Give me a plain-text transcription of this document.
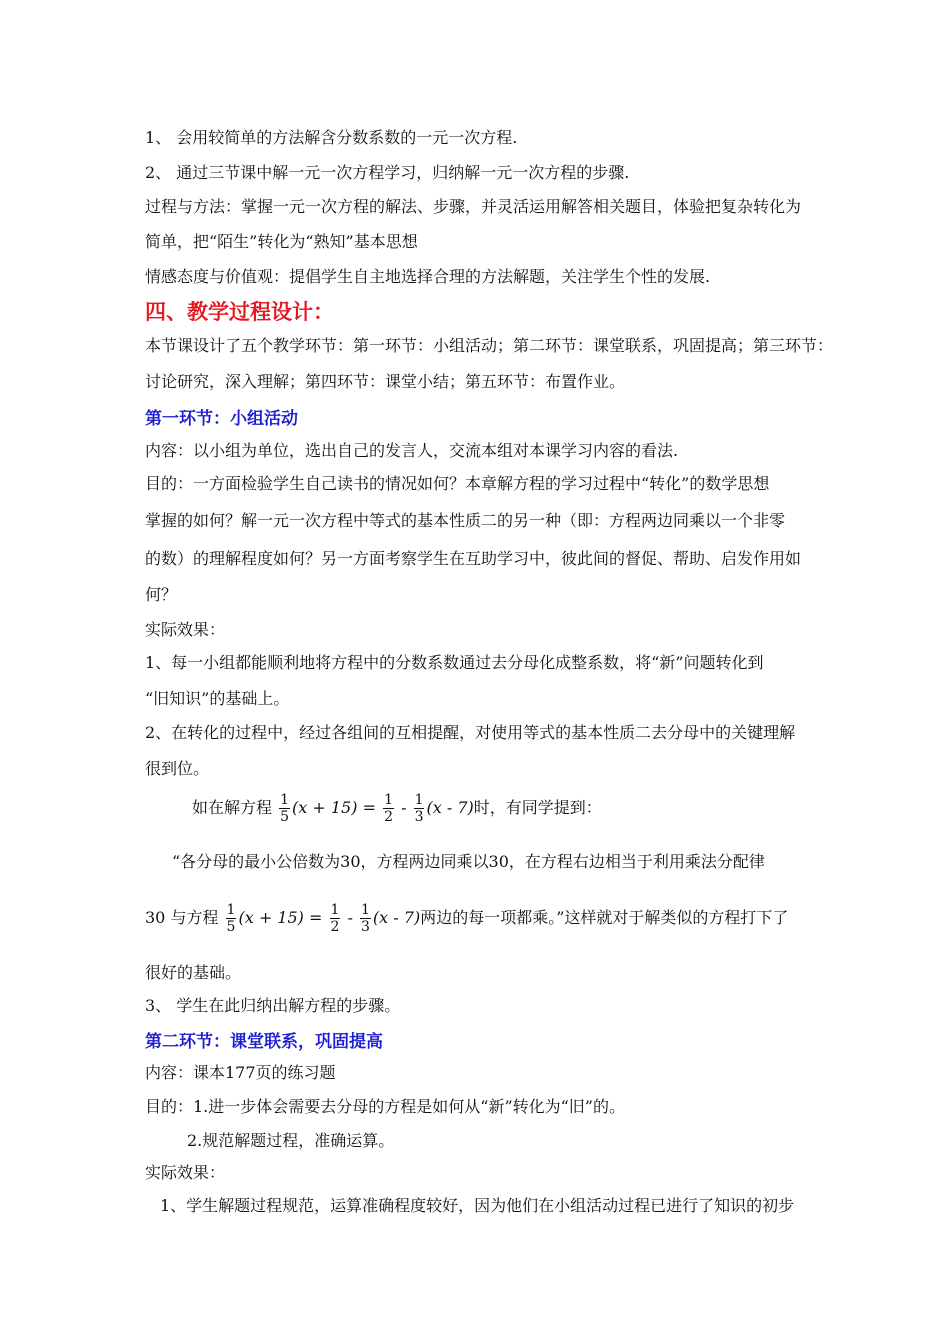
1、 会用较简单的方法解含分数系数的一元一次方程.
2、 通过三节课中解一元一次方程学习，归纳解一元一次方程的步骤.
过程与方法：掌握一元一次方程的解法、步骤，并灵活运用解答相关题目，体验把复杂转化为
简单，把“陌生”转化为“熟知”基本思想
情感态度与价值观：提倡学生自主地选择合理的方法解题，关注学生个性的发展.
四、教学过程设计：
本节课设计了五个教学环节：第一环节：小组活动；第二环节：课堂联系，巩固提高；第三环节：
讨论研究，深入理解；第四环节：课堂小结；第五环节：布置作业。
第一环节：小组活动
内容：以小组为单位，选出自己的发言人，交流本组对本课学习内容的看法.
目的：一方面检验学生自己读书的情况如何？本章解方程的学习过程中“转化”的数学思想
掌握的如何？解一元一次方程中等式的基本性质二的另一种（即：方程两边同乘以一个非零
的数）的理解程度如何？另一方面考察学生在互助学习中，彼此间的督促、帮助、启发作用如
何？
实际效果：
1、每一小组都能顺利地将方程中的分数系数通过去分母化成整系数，将“新”问题转化到
“旧知识”的基础上。
2、在转化的过程中，经过各组间的互相提醒，对使用等式的基本性质二去分母中的关键理解
很到位。
如在解方程 $\frac{1}{5} (x + 15) = \frac{1}{2} - \frac{1}{3} (x - 7)$时，有同学提到：
“各分母的最小公倍数为30，方程两边同乘以30，在方程右边相当于利用乘法分配律
30 与方程 $\frac{1}{5} (x + 15) = \frac{1}{2} - \frac{1}{3} (x - 7)$两边的每一项都乘。”这样就对于解类似的方程打下了
很好的基础。
3、 学生在此归纳出解方程的步骤。
第二环节：课堂联系，巩固提高
内容：课本177页的练习题
目的：1.进一步体会需要去分母的方程是如何从“新”转化为“旧”的。
2.规范解题过程，准确运算。
实际效果：
1、学生解题过程规范，运算准确程度较好，因为他们在小组活动过程已进行了知识的初步
